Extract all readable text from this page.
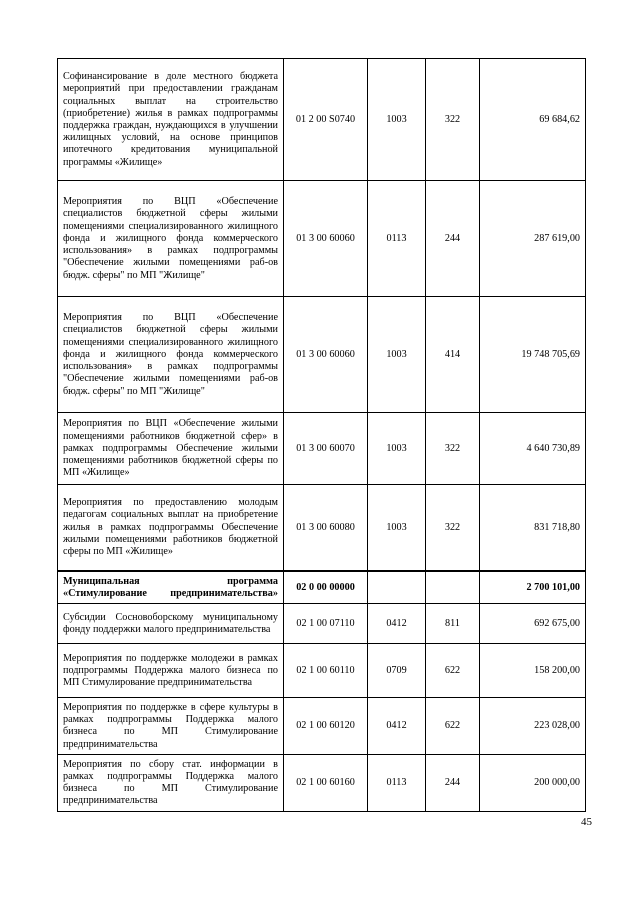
Софинансирование в доле местного бюджета мероприятий при предоставлении гражданам социальных выплат на строительство (приобретение) жилья в рамках подпрограммы поддержка граждан, нуждающихся в улучшении жилищных условий, на основе принципов ипотечного кредитования муниципальной программы «Жилище»	01 2 00 S0740	1003	322	69 684,62
Мероприятия по ВЦП «Обеспечение специалистов бюджетной сферы жилыми помещениями специализированного жилищного фонда и жилищного фонда коммерческого использования» в рамках подпрограммы "Обеспечение жилыми помещениями раб-ов бюдж. сферы" по МП "Жилище"	01 3 00 60060	0113	244	287 619,00
Мероприятия по ВЦП «Обеспечение специалистов бюджетной сферы жилыми помещениями специализированного жилищного фонда и жилищного фонда коммерческого использования» в рамках подпрограммы "Обеспечение жилыми помещениями раб-ов бюдж. сферы" по МП "Жилище"	01 3 00 60060	1003	414	19 748 705,69
Мероприятия по ВЦП «Обеспечение жилыми помещениями работников бюджетной сфер» в рамках подпрограммы Обеспечение жилыми помещениями работников бюджетной сферы по МП «Жилище»	01 3 00 60070	1003	322	4 640 730,89
Мероприятия по предоставлению молодым педагогам социальных выплат на приобретение жилья в рамках подпрограммы Обеспечение жилыми помещениями работников бюджетной сферы по МП «Жилище»	01 3 00 60080	1003	322	831 718,80
Муниципальная программа «Стимулирование предпринимательства»	02 0 00 00000			2 700 101,00
Субсидии Сосновоборскому муниципальному фонду поддержки малого предпринимательства	02 1 00 07110	0412	811	692 675,00
Мероприятия по поддержке молодежи в рамках подпрограммы Поддержка малого бизнеса по МП Стимулирование предпринимательства	02 1 00 60110	0709	622	158 200,00
Мероприятия по поддержке в сфере культуры в рамках подпрограммы Поддержка малого бизнеса по МП Стимулирование предпринимательства	02 1 00 60120	0412	622	223 028,00
Мероприятия по сбору стат. информации в рамках подпрограммы Поддержка малого бизнеса по МП Стимулирование предпринимательства	02 1 00 60160	0113	244	200 000,00
45
